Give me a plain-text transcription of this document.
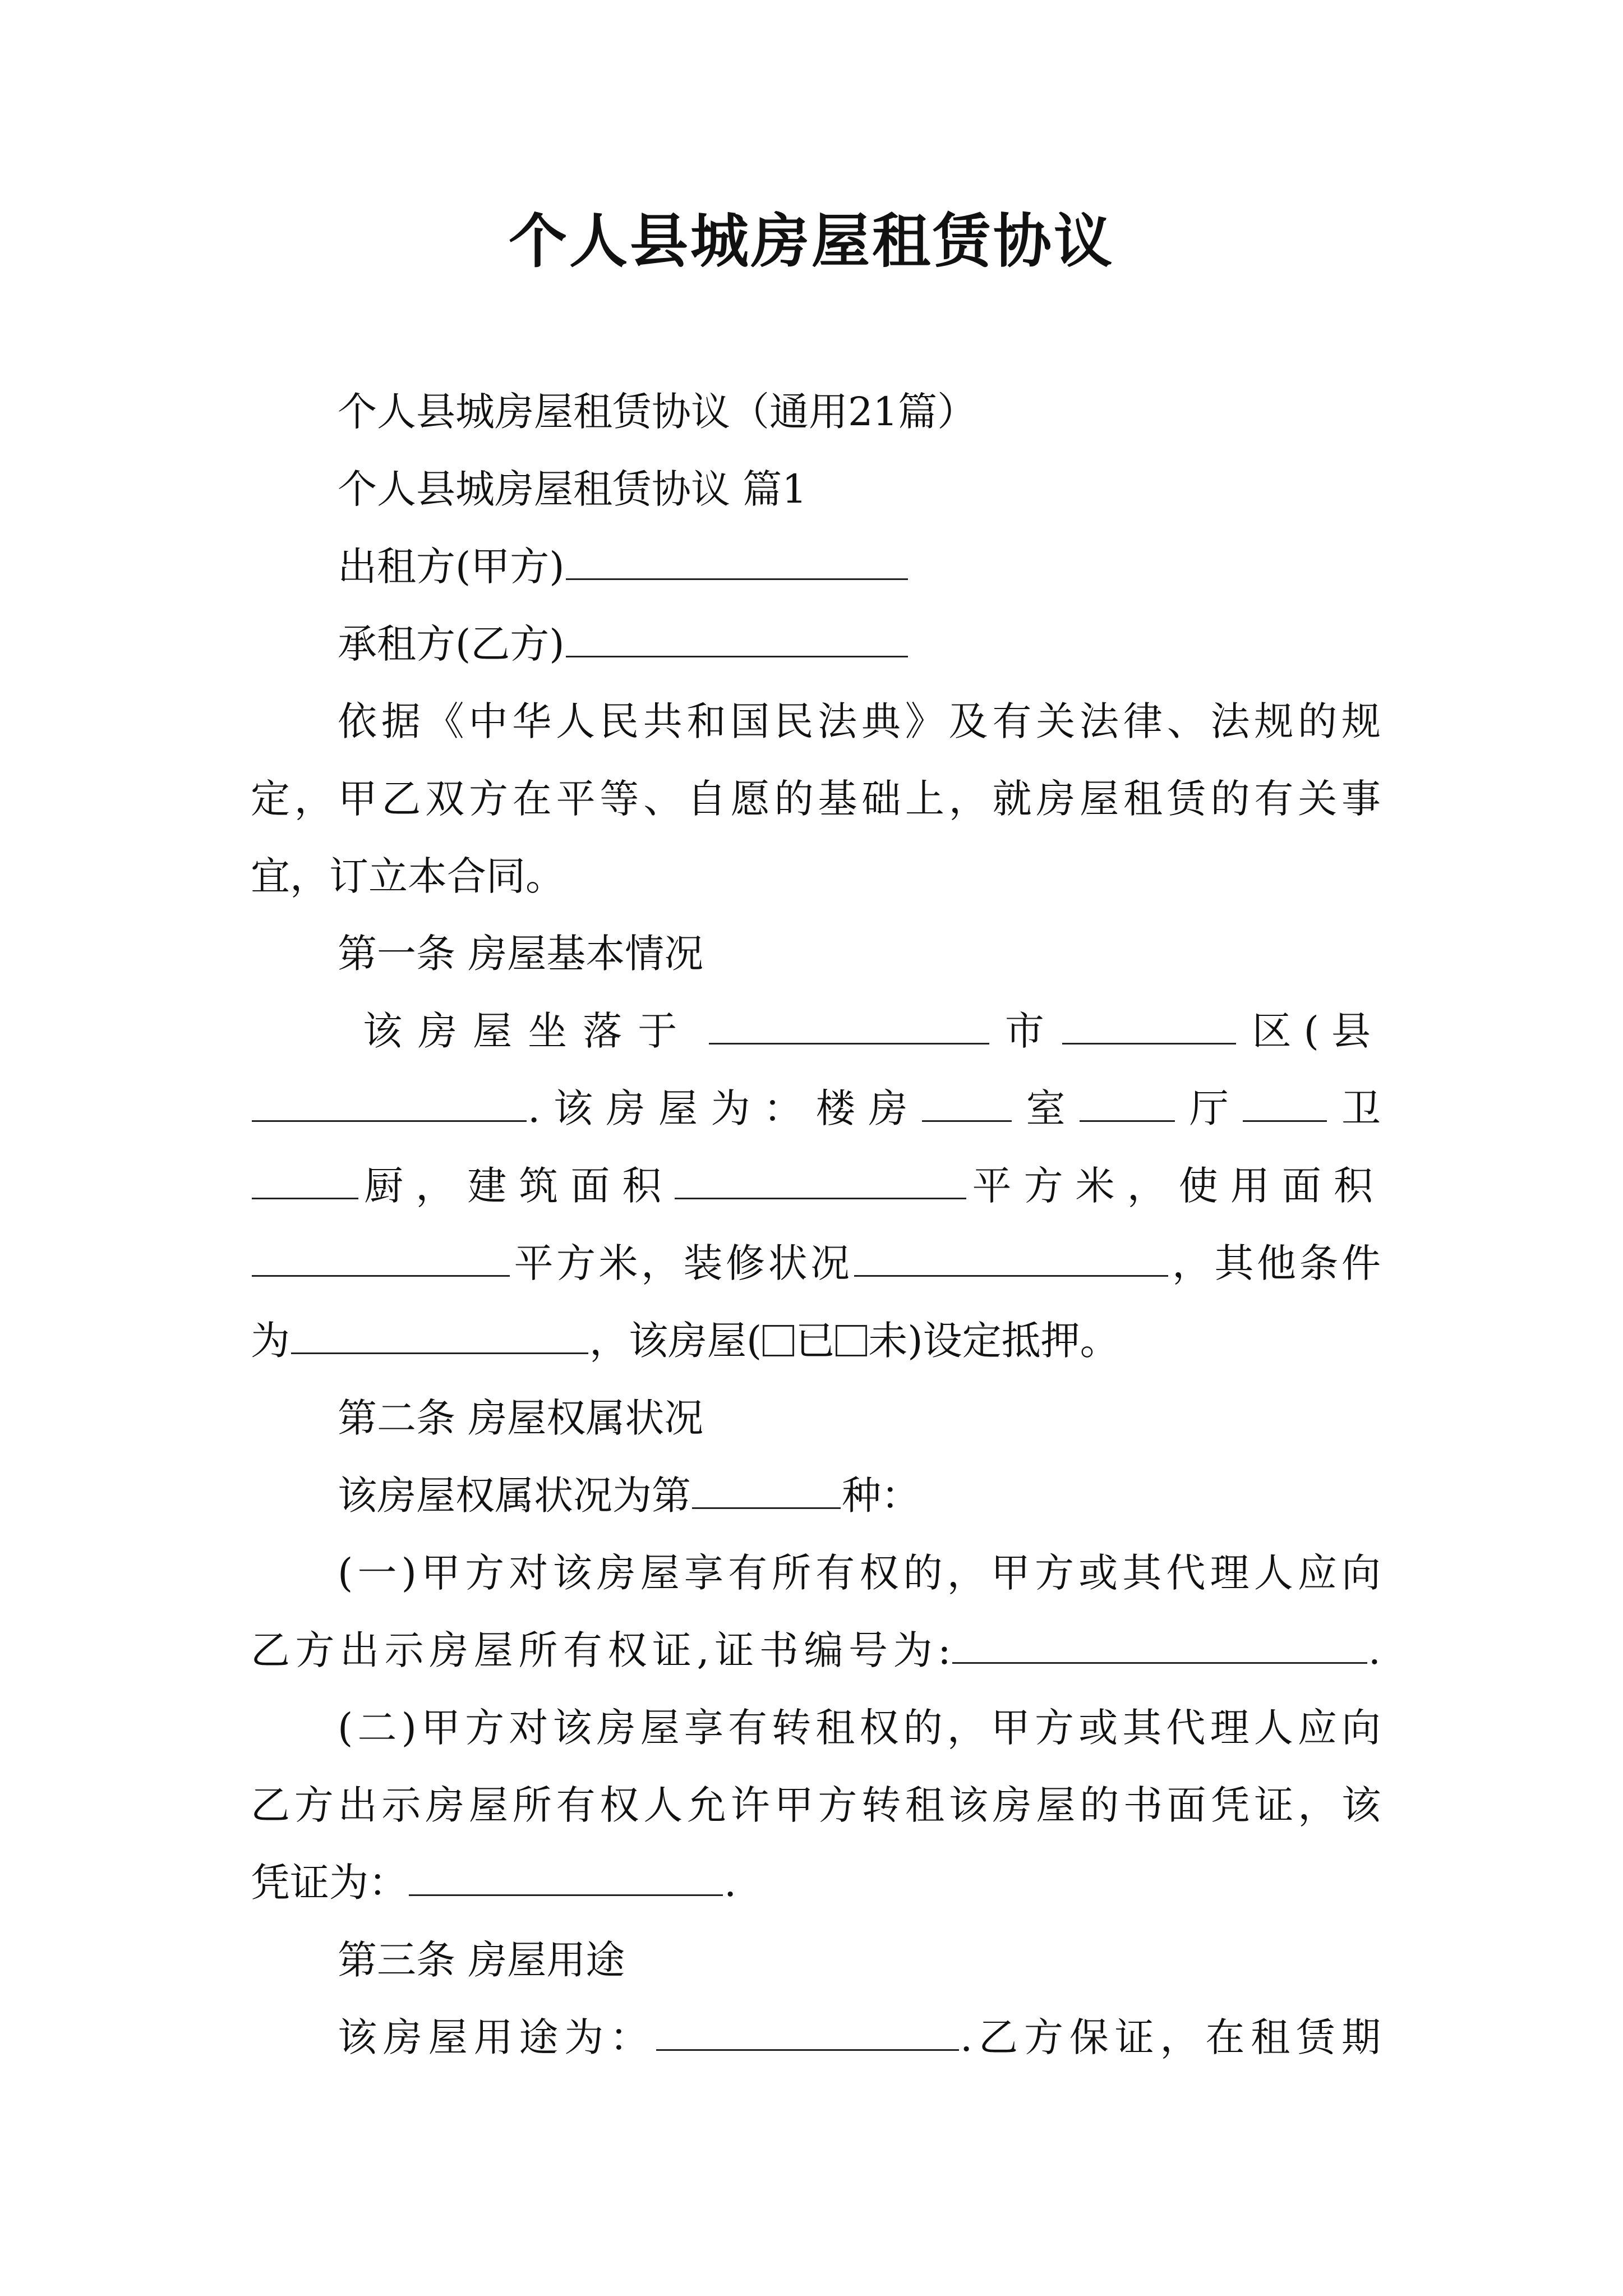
个人县城房屋租赁协议
个人县城房屋租赁协议（通用21篇）
个人县城房屋租赁协议 篇1
出租方(甲方)
承租方(乙方)
依据《中华人民共和国民法典》及有关法律、法规的规
定，甲乙双方在平等、自愿的基础上，就房屋租赁的有关事
宜，订立本合同。
第一条 房屋基本情况
该房屋坐落于	市	区(县
.该房屋为：楼房 室 厅 卫
厨，建筑面积	平方米，使用面积
平方米，装修状况	，其他条件
为	，该房屋( 已 未)设定抵押。
第二条 房屋权属状况
该房屋权属状况为第	种：
(一)甲方对该房屋享有所有权的，甲方或其代理人应向
乙方出示房屋所有权证,证书编号为:	.
(二)甲方对该房屋享有转租权的，甲方或其代理人应向
乙方出示房屋所有权人允许甲方转租该房屋的书面凭证，该
凭证为：	.
第三条 房屋用途
该房屋用途为：	.乙方保证，在租赁期
